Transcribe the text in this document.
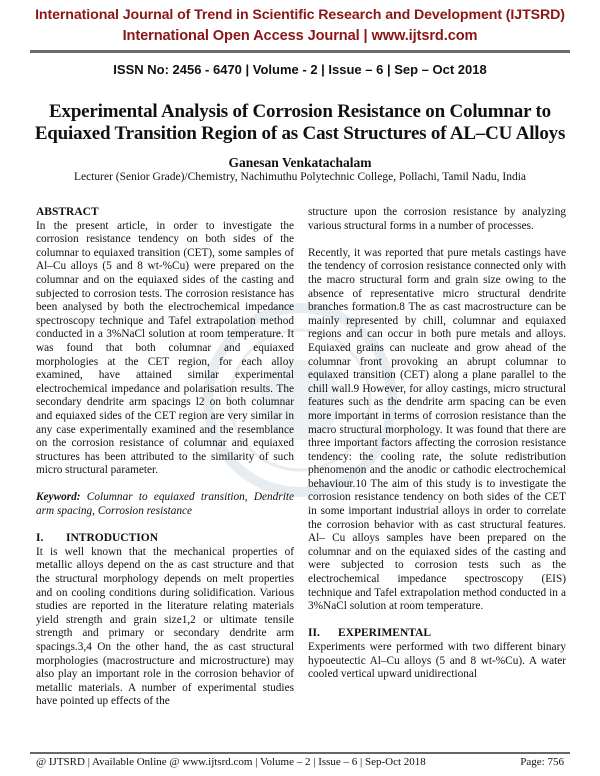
International Journal of Trend in Scientific Research and Development (IJTSRD)
International Open Access Journal | www.ijtsrd.com
ISSN No: 2456 - 6470 | Volume - 2 | Issue – 6 | Sep – Oct 2018
Experimental Analysis of Corrosion Resistance on Columnar to
Equiaxed Transition Region of as Cast Structures of AL–CU Alloys
Ganesan Venkatachalam
Lecturer (Senior Grade)/Chemistry, Nachimuthu Polytechnic College, Pollachi, Tamil Nadu, India

ABSTRACT

In the present article, in order to investigate the corrosion resistance tendency on both sides of the columnar to equiaxed transition (CET), some samples of Al–Cu alloys (5 and 8 wt-%Cu) were prepared on the columnar and on the equiaxed sides of the casting and subjected to corrosion tests. The corrosion resistance has been analysed by both the electrochemical impedance spectroscopy technique and Tafel extrapolation method conducted in a 3%NaCl solution at room temperature. It was found that both columnar and equiaxed morphologies at the CET region, for each alloy examined, have attained similar experimental electrochemical impedance and polarisation results. The secondary dendrite arm spacings l2 on both columnar and equiaxed sides of the CET region are very similar in any case experimentally examined and the resemblance on the corrosion resistance of columnar and equiaxed structures has been attributed to the similarity of such micro structural parameter.

Keyword: Columnar to equiaxed transition, Dendrite arm spacing, Corrosion resistance

I. INTRODUCTION

It is well known that the mechanical properties of metallic alloys depend on the as cast structure and that the structural morphology depends on melt properties and on cooling conditions during solidification. Various studies are reported in the literature relating materials yield strength and grain size1,2 or ultimate tensile strength and primary or secondary dendrite arm spacings.3,4 On the other hand, the as cast structural morphologies (macrostructure and microstructure) may also play an important role in the corrosion behavior of metallic materials. A number of experimental studies have pointed up effects of the

structure upon the corrosion resistance by analyzing various structural forms in a number of processes.

Recently, it was reported that pure metals castings have the tendency of corrosion resistance connected only with the macro structural form and grain size owing to the absence of representative micro structural dendrite branches formation.8 The as cast macrostructure can be mainly represented by chill, columnar and equiaxed regions and can occur in both pure metals and alloys. Equiaxed grains can nucleate and grow ahead of the columnar front provoking an abrupt columnar to equiaxed transition (CET) along a plane parallel to the chill wall.9 However, for alloy castings, micro structural features such as the dendrite arm spacing can be even more important in terms of corrosion resistance than the macro structural morphology. It was found that there are three important factors affecting the corrosion resistance tendency: the cooling rate, the solute redistribution phenomenon and the anodic or cathodic electrochemical behaviour.10 The aim of this study is to investigate the corrosion resistance tendency on both sides of the CET in some important industrial alloys in order to correlate the corrosion behavior with as cast structural features. Al– Cu alloys samples have been prepared on the columnar and on the equiaxed sides of the casting and were subjected to corrosion tests such as the electrochemical impedance spectroscopy (EIS) technique and Tafel extrapolation method conducted in a 3%NaCl solution at room temperature.

II. EXPERIMENTAL

Experiments were performed with two different binary hypoeutectic Al–Cu alloys (5 and 8 wt-%Cu). A water cooled vertical upward unidirectional

@ IJTSRD | Available Online @ www.ijtsrd.com | Volume – 2 | Issue – 6 | Sep-Oct 2018	Page: 756
